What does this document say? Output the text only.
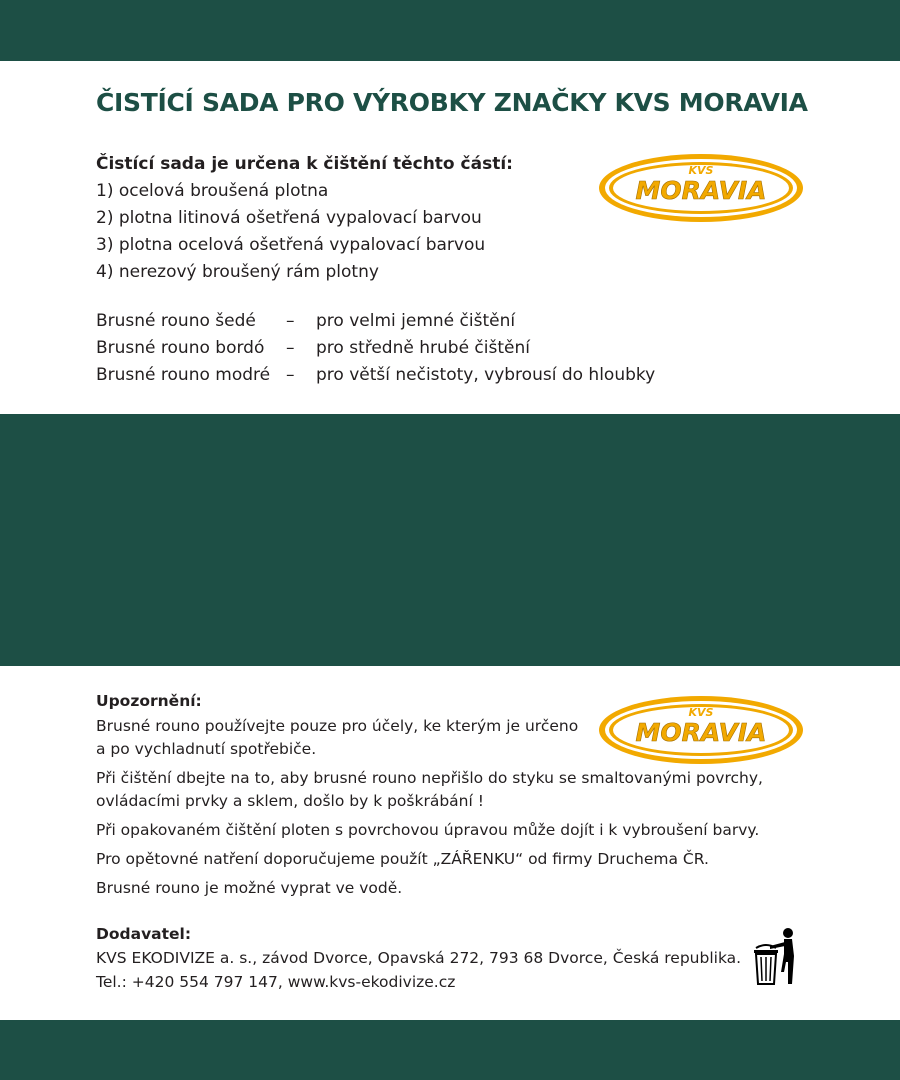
ČISTÍCÍ SADA PRO VÝROBKY ZNAČKY KVS MORAVIA
Čistící sada je určena k čištění těchto částí:
1) ocelová broušená plotna
2) plotna litinová ošetřená vypalovací barvou
3) plotna ocelová ošetřená vypalovací barvou
4) nerezový broušený rám plotny
KVS
MORAVIA
Brusné rouno šedé	–	pro velmi jemné čištění
Brusné rouno bordó	–	pro středně hrubé čištění
Brusné rouno modré –	pro větší nečistoty, vybrousí do hloubky
Upozornění:

Brusné rouno používejte pouze pro účely, ke kterým je určeno
a po vychladnutí spotřebiče.

Při čištění dbejte na to, aby brusné rouno nepřišlo do styku se smaltovanými povrchy,
ovládacími prvky a sklem, došlo by k poškrábání !

Při opakovaném čištění ploten s povrchovou úpravou může dojít i k vybroušení barvy.

Pro opětovné natření doporučujeme použít „ZÁŘENKU“ od firmy Druchema ČR.

Brusné rouno je možné vyprat ve vodě.

KVS
MORAVIA
Dodavatel:
KVS EKODIVIZE a. s., závod Dvorce, Opavská 272, 793 68 Dvorce, Česká republika.
Tel.: +420 554 797 147, www.kvs-ekodivize.cz
